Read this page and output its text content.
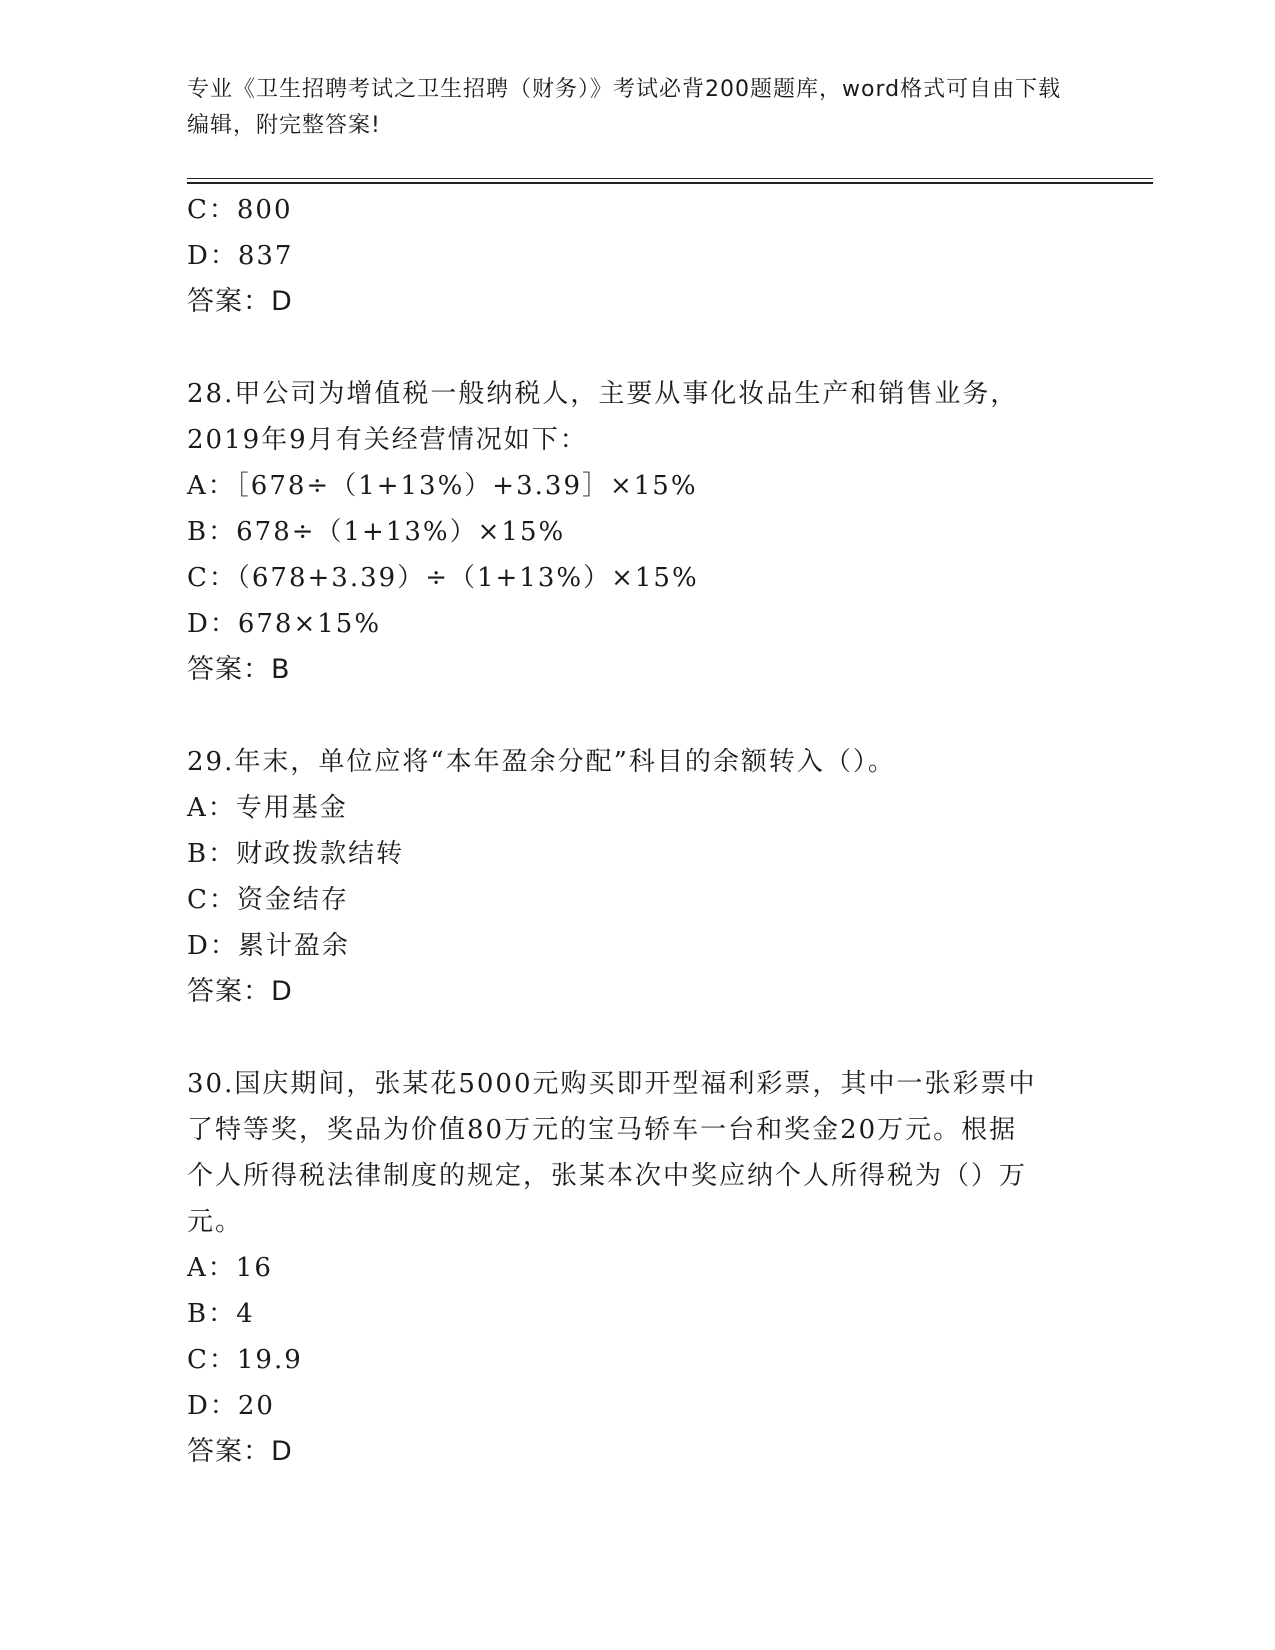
专业《卫生招聘考试之卫生招聘（财务）》考试必背200题题库，word格式可自由下载编辑，附完整答案!
C：800
D：837
答案：D
28.甲公司为增值税一般纳税人，主要从事化妆品生产和销售业务，
2019年9月有关经营情况如下：
A：［678÷（1+13%）+3.39］×15%
B：678÷（1+13%）×15%
C：（678+3.39）÷（1+13%）×15%
D：678×15%
答案：B
29.年末，单位应将“本年盈余分配”科目的余额转入（）。
A：专用基金
B：财政拨款结转
C：资金结存
D：累计盈余
答案：D
30.国庆期间，张某花5000元购买即开型福利彩票，其中一张彩票中
了特等奖，奖品为价值80万元的宝马轿车一台和奖金20万元。根据
个人所得税法律制度的规定，张某本次中奖应纳个人所得税为（）万
元。
A：16
B：4
C：19.9
D：20
答案：D
